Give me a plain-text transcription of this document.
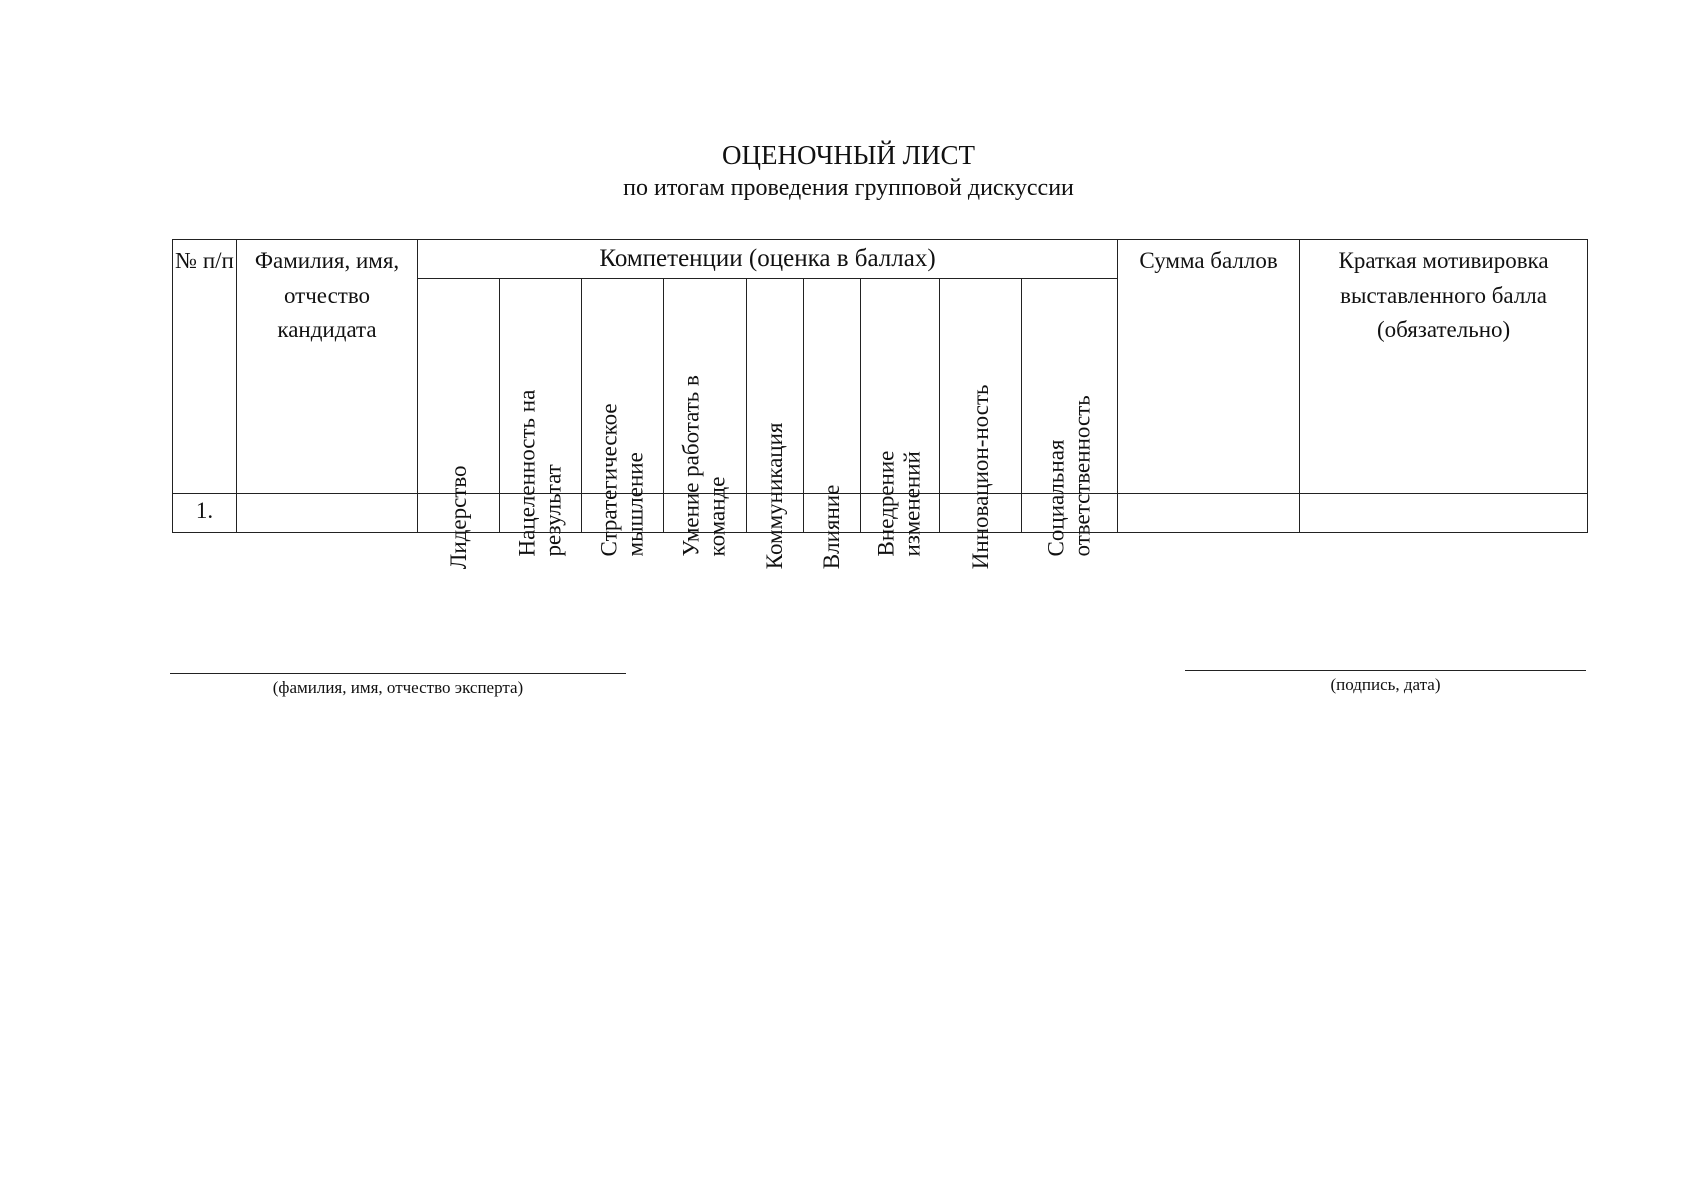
ОЦЕНОЧНЫЙ ЛИСТ
по итогам проведения групповой дискуссии
№ п/п	Фамилия, имя, отчество кандидата	Компетенции (оценка в баллах)									Сумма баллов	Краткая мотивировка выставленного балла (обязательно)

		Лидерство	Нацеленность на результат	Стратегическое мышление	Умение работать в команде	Коммуникация	Влияние	Внедрение изменений	Инновацион-ность	Социальная ответственность		

1.												
(фамилия, имя, отчество эксперта)	(подпись, дата)
